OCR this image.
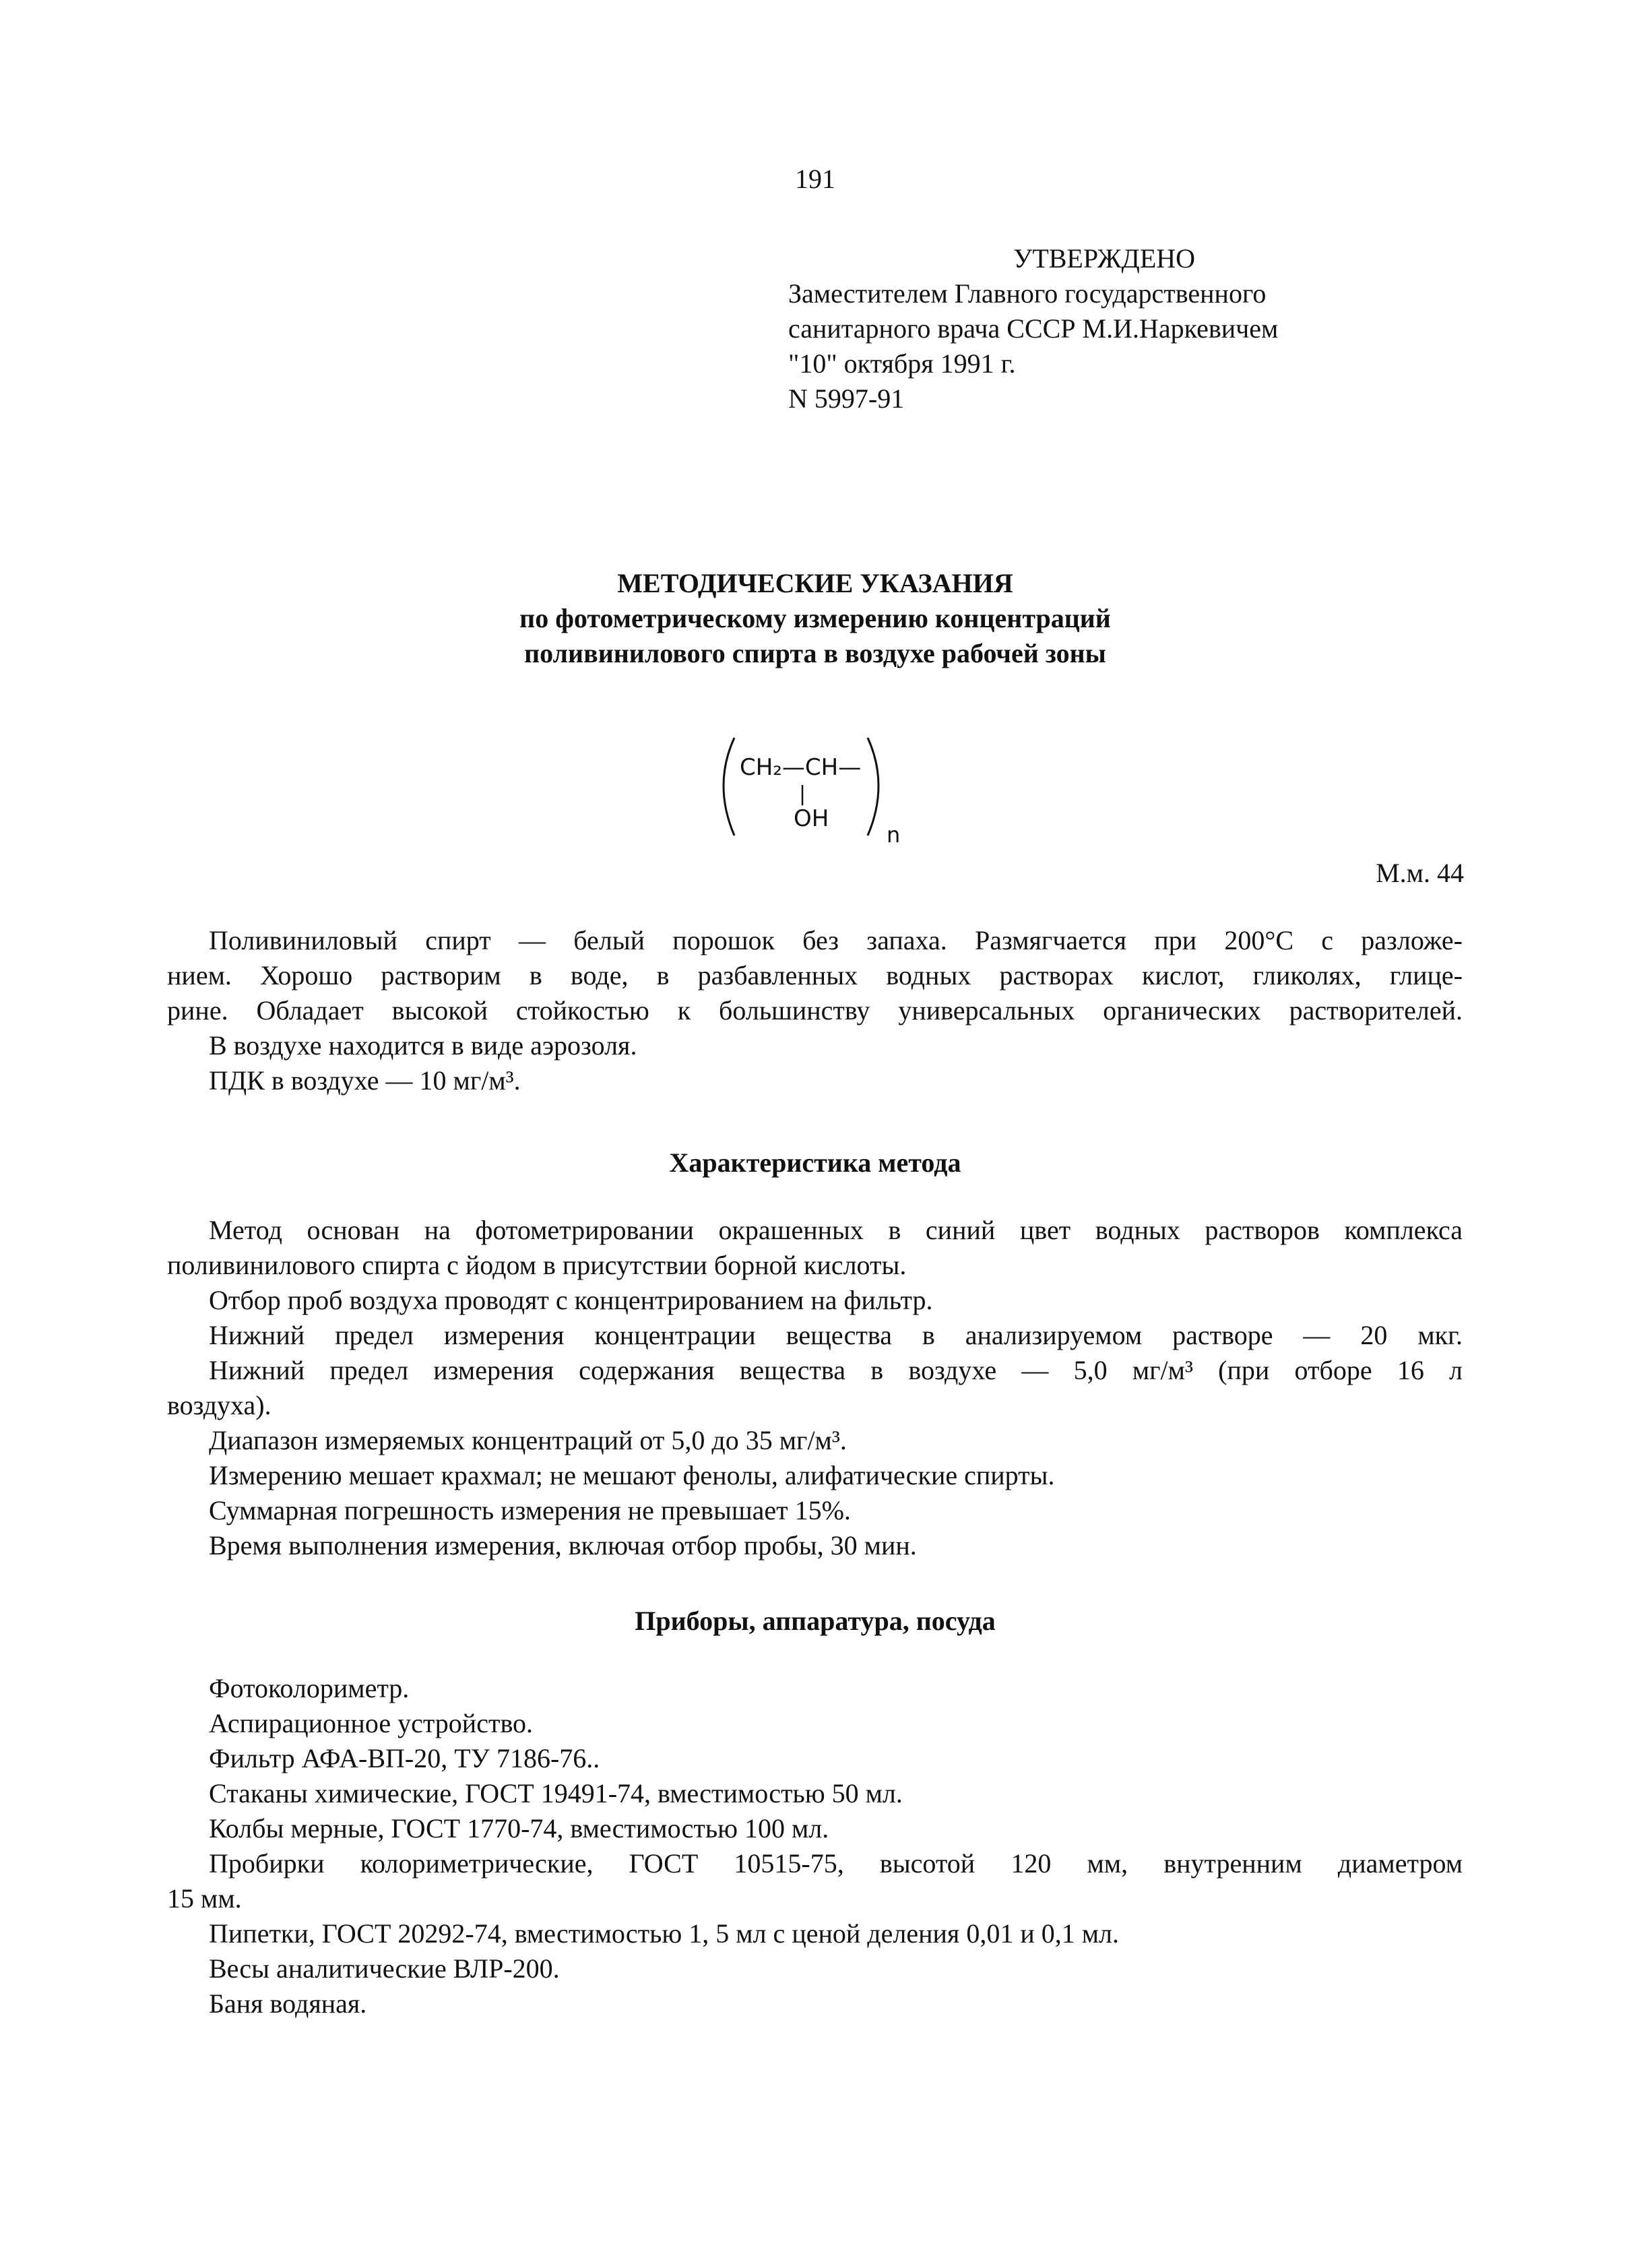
191
УТВЕРЖДЕНО
Заместителем Главного государственного
санитарного врача СССР М.И.Наркевичем
"10" октября 1991 г.
N 5997-91
МЕТОДИЧЕСКИЕ УКАЗАНИЯ
по фотометрическому измерению концентраций
поливинилового спирта в воздухе рабочей зоны
CH₂—CH—
|
OH
n
М.м. 44
Поливиниловый спирт — белый порошок без запаха. Размягчается при 200°С с разложе-
нием. Хорошо растворим в воде, в разбавленных водных растворах кислот, гликолях, глице-
рине. Обладает высокой стойкостью к большинству универсальных органических растворителей.
В воздухе находится в виде аэрозоля.
ПДК в воздухе — 10 мг/м³.
Характеристика метода
Метод основан на фотометрировании окрашенных в синий цвет водных растворов комплекса
поливинилового спирта с йодом в присутствии борной кислоты.
Отбор проб воздуха проводят с концентрированием на фильтр.
Нижний предел измерения концентрации вещества в анализируемом растворе — 20 мкг.
Нижний предел измерения содержания вещества в воздухе — 5,0 мг/м³ (при отборе 16 л
воздуха).
Диапазон измеряемых концентраций от 5,0 до 35 мг/м³.
Измерению мешает крахмал; не мешают фенолы, алифатические спирты.
Суммарная погрешность измерения не превышает 15%.
Время выполнения измерения, включая отбор пробы, 30 мин.
Приборы, аппаратура, посуда
Фотоколориметр.
Аспирационное устройство.
Фильтр АФА-ВП-20, ТУ 7186-76..
Стаканы химические, ГОСТ 19491-74, вместимостью 50 мл.
Колбы мерные, ГОСТ 1770-74, вместимостью 100 мл.
Пробирки колориметрические, ГОСТ 10515-75, высотой 120 мм, внутренним диаметром
15 мм.
Пипетки, ГОСТ 20292-74, вместимостью 1, 5 мл с ценой деления 0,01 и 0,1 мл.
Весы аналитические ВЛР-200.
Баня водяная.
